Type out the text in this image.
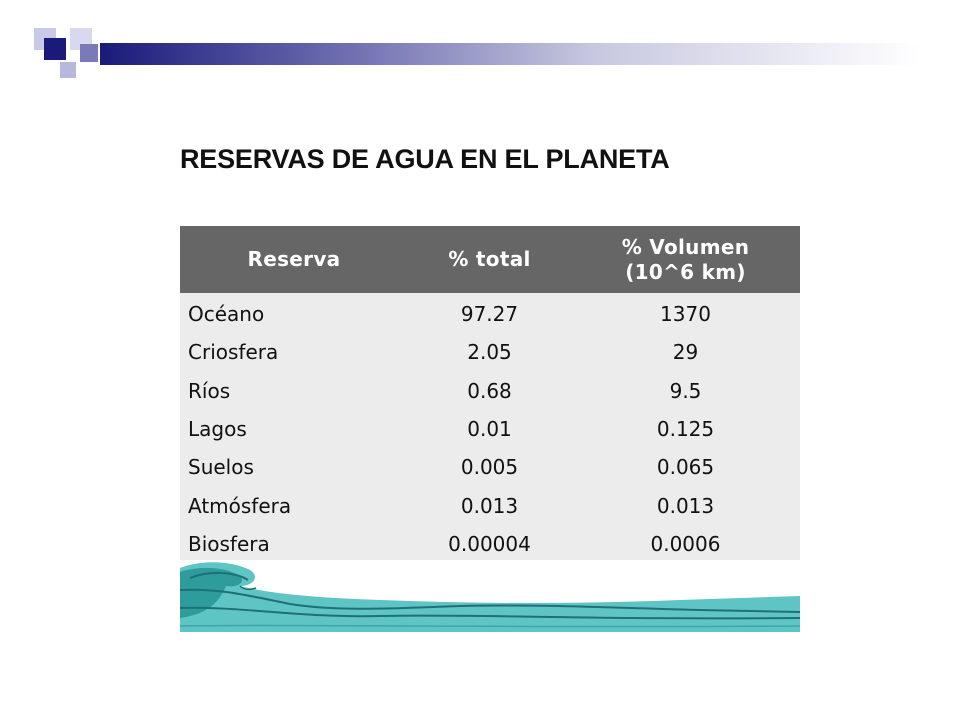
RESERVAS DE AGUA EN EL PLANETA
Reserva	% total	% Volumen
(10^6 km)
Océano	97.27	1370
Criosfera	2.05	29
Ríos	0.68	9.5
Lagos	0.01	0.125
Suelos	0.005	0.065
Atmósfera	0.013	0.013
Biosfera	0.00004	0.0006
